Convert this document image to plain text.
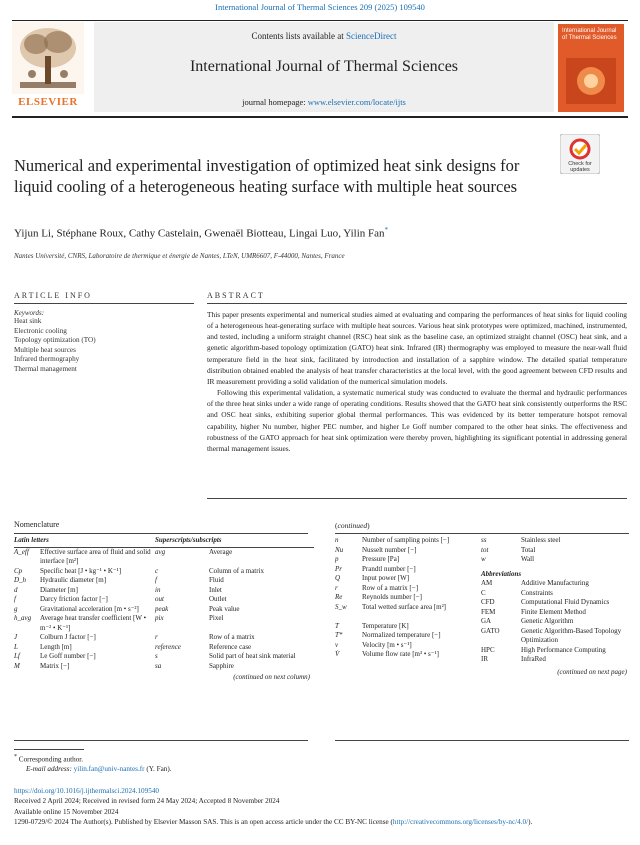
International Journal of Thermal Sciences 209 (2025) 109540
ELSEVIER
Contents lists available at ScienceDirect
International Journal of Thermal Sciences
journal homepage: www.elsevier.com/locate/ijts
International Journal of Thermal Sciences
Numerical and experimental investigation of optimized heat sink designs for liquid cooling of a heterogeneous heating surface with multiple heat sources
Check for updates
Yijun Li, Stéphane Roux, Cathy Castelain, Gwenaël Biotteau, Lingai Luo, Yilin Fan*
Nantes Université, CNRS, Laboratoire de thermique et énergie de Nantes, LTeN, UMR6607, F-44000, Nantes, France
ARTICLE INFO
Keywords:
Heat sink
Electronic cooling
Topology optimization (TO)
Multiple heat sources
Infrared thermography
Thermal management
ABSTRACT

This paper presents experimental and numerical studies aimed at evaluating and comparing the performances of heat sinks for liquid cooling of a heterogeneous heat-generating surface with multiple heat sources. Various heat sink prototypes were optimized, machined, instrumented, and tested, including a uniform straight channel (RSC) heat sink as the baseline case, an optimized straight channel (OSC) heat sink, and a genetic algorithm-based topology optimization (GATO) heat sink. Infrared (IR) thermography was employed to measure the near-wall fluid temperature field in the heat sink, facilitated by introduction and installation of a sapphire window. The detailed spatial temperature distribution obtained enabled the analysis of heat transfer characteristics at the local level, with the good agreement between CFD results and IR measurement providing a solid validation of the numerical simulation models.

Following this experimental validation, a systematic numerical study was conducted to evaluate the thermal and hydraulic performances of the three heat sinks under a wide range of operating conditions. Results showed that the GATO heat sink consistently outperforms the RSC and OSC heat sinks, exhibiting superior global thermal performances. This was evidenced by its better temperature hotspot removal capability, higher Nu number, higher PEC number, and higher Le Goff number compared to the other heat sinks. The effectiveness and robustness of the GATO approach for heat sink optimization were thereby proven, highlighting its significant potential in addressing general thermal management issues.

Nomenclature	(continued)
Latin letters		Superscripts/subscripts	
A_eff	Effective surface area of fluid and solid interface [m²]	avg	Average
Cp	Specific heat [J • kg⁻¹ • K⁻¹]	c	Column of a matrix
D_h	Hydraulic diameter [m]	f	Fluid
d	Diameter [m]	in	Inlet
f	Darcy friction factor [−]	out	Outlet
g	Gravitational acceleration [m • s⁻²]	peak	Peak value
h_avg	Average heat transfer coefficient [W • m⁻² • K⁻¹]	pix	Pixel
J	Colburn J factor [−]	r	Row of a matrix
L	Length [m]	reference	Reference case
Lf	Le Goff number [−]	s	Solid part of heat sink material
M	Matrix [−]	sa	Sapphire
(continued on next column)
n	Number of sampling points [−]
Nu	Nusselt number [−]
p	Pressure [Pa]
Pr	Prandtl number [−]
Q	Input power [W]
r	Row of a matrix [−]
Re	Reynolds number [−]
S_w	Total wetted surface area [m²]
T	Temperature [K]
T*	Normalized temperature [−]
v	Velocity [m • s⁻¹]
V̇	Volume flow rate [m³ • s⁻¹]
ss	Stainless steel
tot	Total
w	Wall
Abbreviations	
AM	Additive Manufacturing
C	Constraints
CFD	Computational Fluid Dynamics
FEM	Finite Element Method
GA	Genetic Algorithm
GATO	Genetic Algorithm-Based Topology Optimization
HPC	High Performance Computing
IR	InfraRed
(continued on next page)
* Corresponding author.
E-mail address: yilin.fan@univ-nantes.fr (Y. Fan).
https://doi.org/10.1016/j.ijthermalsci.2024.109540
Received 2 April 2024; Received in revised form 24 May 2024; Accepted 8 November 2024
Available online 15 November 2024
1290-0729/© 2024 The Author(s). Published by Elsevier Masson SAS. This is an open access article under the CC BY-NC license (http://creativecommons.org/licenses/by-nc/4.0/).
